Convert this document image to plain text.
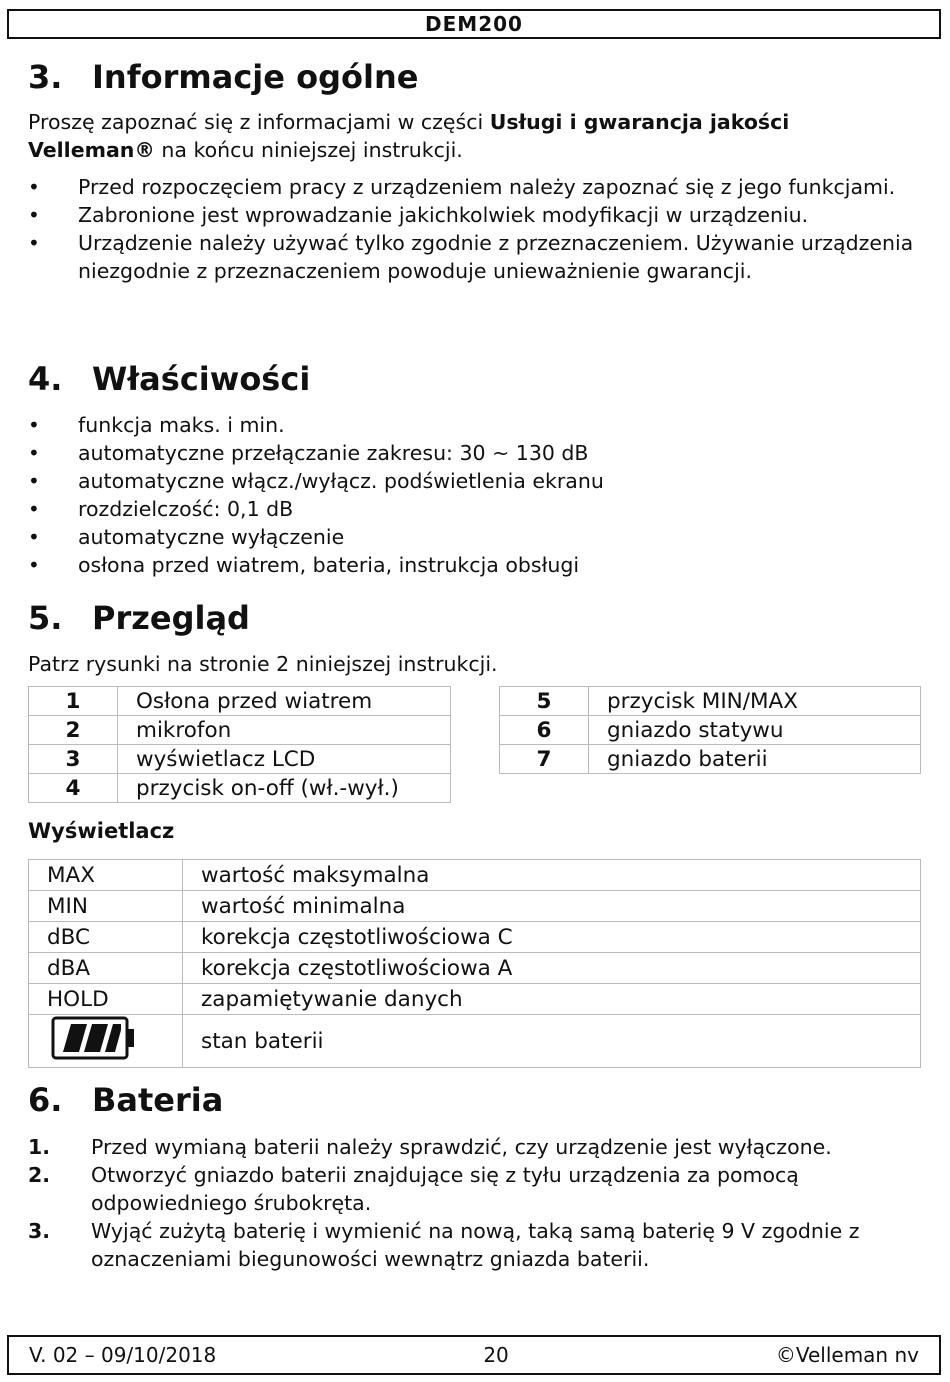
DEM200
3. Informacje ogólne
Proszę zapoznać się z informacjami w części Usługi i gwarancja jakości Velleman® na końcu niniejszej instrukcji.
• Przed rozpoczęciem pracy z urządzeniem należy zapoznać się z jego funkcjami.
• Zabronione jest wprowadzanie jakichkolwiek modyfikacji w urządzeniu.
• Urządzenie należy używać tylko zgodnie z przeznaczeniem. Używanie urządzenia niezgodnie z przeznaczeniem powoduje unieważnienie gwarancji.
4. Właściwości
• funkcja maks. i min.
• automatyczne przełączanie zakresu: 30 ~ 130 dB
• automatyczne włącz./wyłącz. podświetlenia ekranu
• rozdzielczość: 0,1 dB
• automatyczne wyłączenie
• osłona przed wiatrem, bateria, instrukcja obsługi
5. Przegląd
Patrz rysunki na stronie 2 niniejszej instrukcji.
1	Osłona przed wiatrem
2	mikrofon
3	wyświetlacz LCD
4	przycisk on-off (wł.-wył.)
5	przycisk MIN/MAX
6	gniazdo statywu
7	gniazdo baterii
Wyświetlacz
MAX	wartość maksymalna
MIN	wartość minimalna
dBC	korekcja częstotliwościowa C
dBA	korekcja częstotliwościowa A
HOLD	zapamiętywanie danych
	stan baterii
6. Bateria
1. Przed wymianą baterii należy sprawdzić, czy urządzenie jest wyłączone.
2. Otworzyć gniazdo baterii znajdujące się z tyłu urządzenia za pomocą odpowiedniego śrubokręta.
3. Wyjąć zużytą baterię i wymienić na nową, taką samą baterię 9 V zgodnie z oznaczeniami biegunowości wewnątrz gniazda baterii.
V. 02 – 09/10/2018	20	©Velleman nv
